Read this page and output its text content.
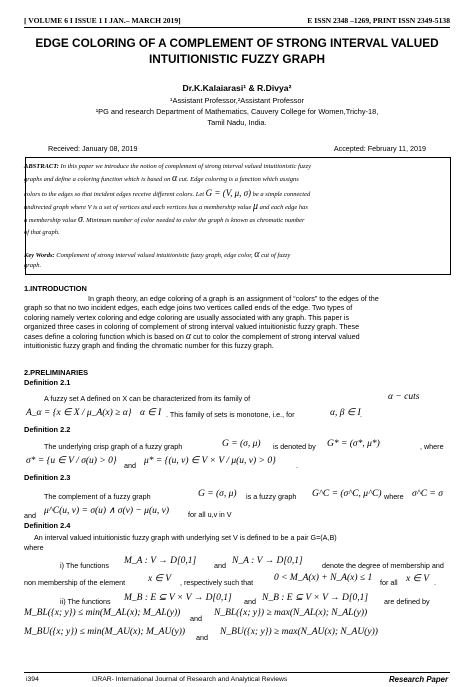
[ VOLUME 6 I ISSUE 1 I JAN.– MARCH 2019]	E ISSN 2348 –1269, PRINT ISSN 2349-5138
EDGE COLORING OF A COMPLEMENT OF STRONG INTERVAL VALUED
INTUITIONISTIC FUZZY GRAPH
Dr.K.Kalaiarasi¹ & R.Divya²
¹Assistant Professor,²Assistant Professor
¹PG and research Department of Mathematics, Cauvery College for Women,Trichy-18,
Tamil Nadu, India.
Received: January 08, 2019	Accepted: February 11, 2019
ABSTRACT: In this paper we introduce the notion of complement of strong interval valued intuitionistic fuzzy
graphs and define a coloring function which is based on α cut. Edge coloring is a function which assigns
colors to the edges so that incident edges receive different colors. Let G = (V, μ, σ) be a simple connected
undirected graph where V is a set of vertices and each vertices has a membership value μ and each edge has
a membership value σ. Minimum number of color needed to color the graph is known as chromatic number
of that graph.
Key Words: Complement of strong interval valued intuitionistic fuzzy graph, edge color, α cut of fuzzy
graph.
1.INTRODUCTION
In graph theory, an edge coloring of a graph is an assignment of “colors” to the edges of the
graph so that no two incident edges, each edge joins two vertices called ends of the edge. Two types of
coloring namely vertex coloring and edge coloring are usually associated with any graph. This paper is
organized three cases in coloring of complement of strong interval valued intuitionistic fuzzy graph. These
cases define a coloring function which is based on α cut to color the complement of strong interval valued
intuitionistic fuzzy graph and finding the chromatic number for this fuzzy graph.
2.PRELIMINARIES
Definition 2.1
A fuzzy set A defined on X can be characterized from its family of	α − cuts
A_α = {x ∈ X / μ_A(x) ≥ α} α ∈ I . This family of sets is monotone, i.e., for	α, β ∈ I .
Definition 2.2
The underlying crisp graph of a fuzzy graph	G = (σ, μ) is denoted by G* = (σ*, μ*)	, where
σ* = {u ∈ V / σ(u) > 0} and μ* = {(u, v) ∈ V × V / μ(u, v) > 0}	.
Definition 2.3
The complement of a fuzzy graph	G = (σ, μ) is a fuzzy graph G^C = (σ^C, μ^C) where σ^C = σ
and μ^C(u, v) = σ(u) ∧ σ(v) − μ(u, v)	for all u,v in V
Definition 2.4
An interval valued intuitionistic fuzzy graph with underlying set V is defined to be a pair G=(A,B)
where
i) The functions M_A : V → D[0,1] and N_A : V → D[0,1]	denote the degree of membership and
non membership of the element x ∈ V , respectively such that 0 < M_A(x) + N_A(x) ≤ 1 for all x ∈ V .
ii) The functions M_B : E ⊆ V × V → D[0,1] and N_B : E ⊆ V × V → D[0,1] are defined by
M_BL({x; y}) ≤ min(M_AL(x); M_AL(y))
and
N_BL({x; y}) ≥ max(N_AL(x); N_AL(y))
M_BU({x; y}) ≤ min(M_AU(x); M_AU(y))
and
N_BU({x; y}) ≥ max(N_AU(x); N_AU(y))
i394	IJRAR- International Journal of Research and Analytical Reviews	Research Paper
